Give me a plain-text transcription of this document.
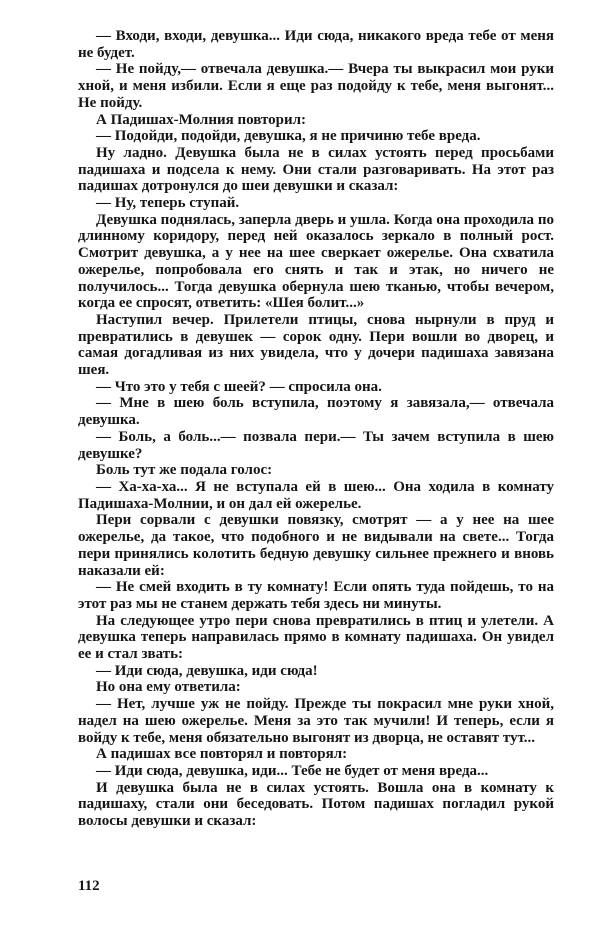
— Входи, входи, девушка... Иди сюда, никакого вреда тебе от меня не будет.

— Не пойду,— отвечала девушка.— Вчера ты выкрасил мои руки хной, и меня избили. Если я еще раз подойду к тебе, меня выгонят... Не пойду.

А Падишах-Молния повторил:

— Подойди, подойди, девушка, я не причиню тебе вреда.

Ну ладно. Девушка была не в силах устоять перед просьбами падишаха и подсела к нему. Они стали разговаривать. На этот раз падишах дотронулся до шеи девушки и сказал:

— Ну, теперь ступай.

Девушка поднялась, заперла дверь и ушла. Когда она проходила по длинному коридору, перед ней оказалось зеркало в полный рост. Смотрит девушка, а у нее на шее сверкает ожерелье. Она схватила ожерелье, попробовала его снять и так и этак, но ничего не получилось... Тогда девушка обернула шею тканью, чтобы вечером, когда ее спросят, ответить: «Шея болит...»

Наступил вечер. Прилетели птицы, снова нырнули в пруд и превратились в девушек — сорок одну. Пери вошли во дворец, и самая догадливая из них увидела, что у дочери падишаха завязана шея.

— Что это у тебя с шеей? — спросила она.

— Мне в шею боль вступила, поэтому я завязала,— отвечала девушка.

— Боль, а боль...— позвала пери.— Ты зачем вступила в шею девушке?

Боль тут же подала голос:

— Ха-ха-ха... Я не вступала ей в шею... Она ходила в комнату Падишаха-Молнии, и он дал ей ожерелье.

Пери сорвали с девушки повязку, смотрят — а у нее на шее ожерелье, да такое, что подобного и не видывали на свете... Тогда пери принялись колотить бедную девушку сильнее прежнего и вновь наказали ей:

— Не смей входить в ту комнату! Если опять туда пойдешь, то на этот раз мы не станем держать тебя здесь ни минуты.

На следующее утро пери снова превратились в птиц и улетели. А девушка теперь направилась прямо в комнату падишаха. Он увидел ее и стал звать:

— Иди сюда, девушка, иди сюда!

Но она ему ответила:

— Нет, лучше уж не пойду. Прежде ты покрасил мне руки хной, надел на шею ожерелье. Меня за это так мучили! И теперь, если я войду к тебе, меня обязательно выгонят из дворца, не оставят тут...

А падишах все повторял и повторял:

— Иди сюда, девушка, иди... Тебе не будет от меня вреда...

И девушка была не в силах устоять. Вошла она в комнату к падишаху, стали они беседовать. Потом падишах погладил рукой волосы девушки и сказал:

112
